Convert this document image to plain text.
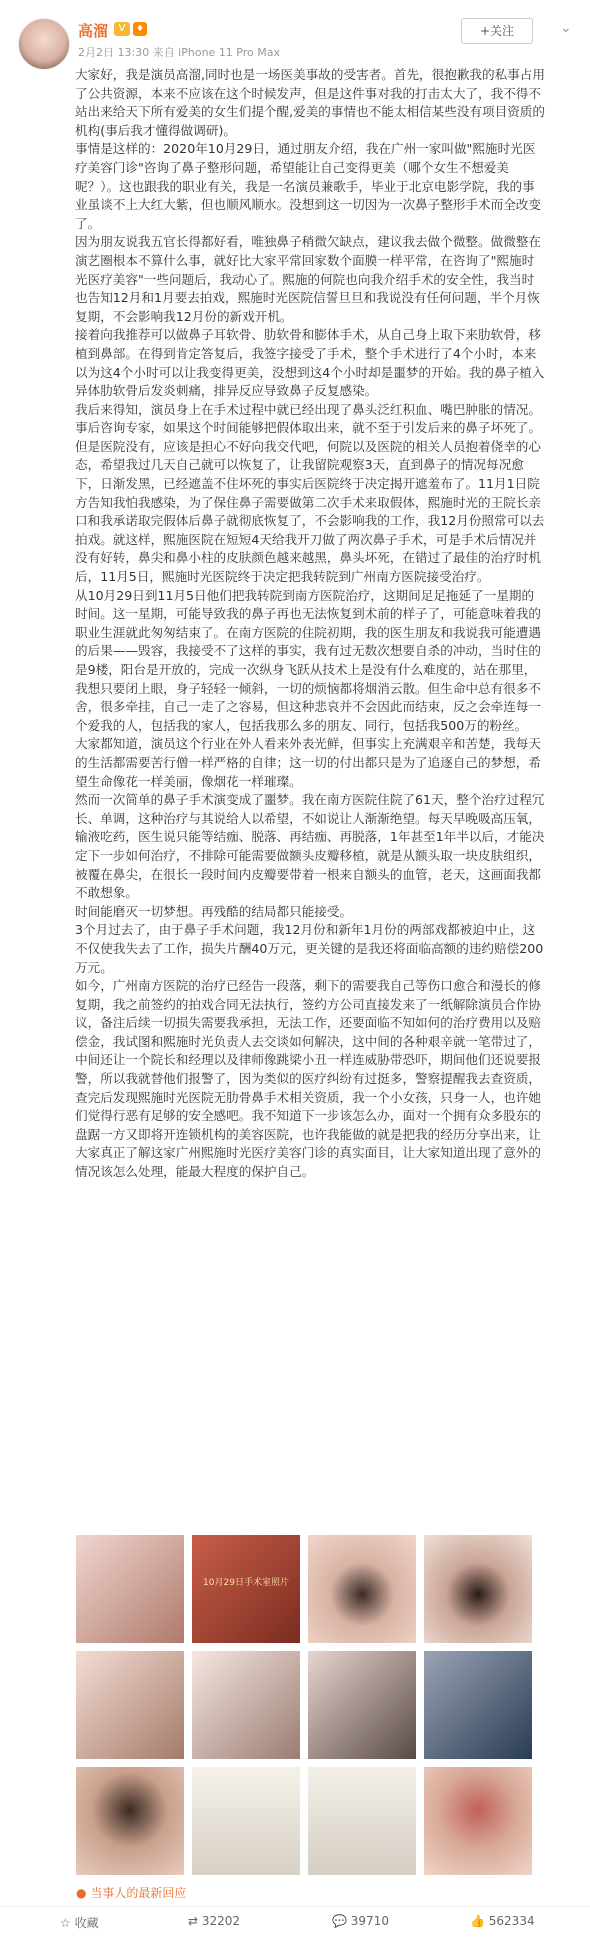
高溜	V	♦
2月2日 13:30 来自 iPhone 11 Pro Max
+关注	⌄

大家好，我是演员高溜,同时也是一场医美事故的受害者。首先，很抱歉我的私事占用了公共资源，本来不应该在这个时候发声，但是这件事对我的打击太大了，我不得不站出来给天下所有爱美的女生们提个醒,爱美的事情也不能太相信某些没有项目资质的机构(事后我才懂得做调研)。

事情是这样的：2020年10月29日，通过朋友介绍，我在广州一家叫做"熙施时光医疗美容门诊"咨询了鼻子整形问题，希望能让自己变得更美（哪个女生不想爱美呢？）。这也跟我的职业有关，我是一名演员兼歌手，毕业于北京电影学院，我的事业虽谈不上大红大紫，但也顺风顺水。没想到这一切因为一次鼻子整形手术而全改变了。

因为朋友说我五官长得都好看，唯独鼻子稍微欠缺点，建议我去做个微整。做微整在演艺圈根本不算什么事，就好比大家平常回家数个面膜一样平常，在咨询了"熙施时光医疗美容"一些问题后，我动心了。熙施的何院也向我介绍手术的安全性，我当时也告知12月和1月要去拍戏，熙施时光医院信誓旦旦和我说没有任何问题，半个月恢复期，不会影响我12月份的新戏开机。

接着向我推荐可以做鼻子耳软骨、肋软骨和膨体手术，从自己身上取下来肋软骨，移植到鼻部。在得到肯定答复后，我签字接受了手术，整个手术进行了4个小时，本来以为这4个小时可以让我变得更美，没想到这4个小时却是噩梦的开始。我的鼻子植入异体肋软骨后发炎刺痛，排异反应导致鼻子反复感染。

我后来得知，演员身上在手术过程中就已经出现了鼻头泛红积血、嘴巴肿胀的情况。事后咨询专家，如果这个时间能够把假体取出来，就不至于引发后来的鼻子坏死了。但是医院没有，应该是担心不好向我交代吧，何院以及医院的相关人员抱着侥幸的心态，希望我过几天自己就可以恢复了，让我留院观察3天，直到鼻子的情况每况愈下，日渐发黑，已经遮盖不住坏死的事实后医院终于决定揭开遮羞布了。11月1日院方告知我怕我感染，为了保住鼻子需要做第二次手术来取假体，熙施时光的王院长亲口和我承诺取完假体后鼻子就彻底恢复了，不会影响我的工作，我12月份照常可以去拍戏。就这样，熙施医院在短短4天给我开刀做了两次鼻子手术，可是手术后情况并没有好转，鼻尖和鼻小柱的皮肤颜色越来越黑，鼻头坏死，在错过了最佳的治疗时机后，11月5日，熙施时光医院终于决定把我转院到广州南方医院接受治疗。

从10月29日到11月5日他们把我转院到南方医院治疗，这期间足足拖延了一星期的时间。这一星期，可能导致我的鼻子再也无法恢复到术前的样子了，可能意味着我的职业生涯就此匆匆结束了。在南方医院的住院初期，我的医生朋友和我说我可能遭遇的后果——毁容，我接受不了这样的事实，我有过无数次想要自杀的冲动，当时住的是9楼，阳台是开放的，完成一次纵身飞跃从技术上是没有什么难度的，站在那里，我想只要闭上眼，身子轻轻一倾斜，一切的烦恼都将烟消云散。但生命中总有很多不舍，很多牵挂，自己一走了之容易，但这种悲哀并不会因此而结束，反之会牵连每一个爱我的人，包括我的家人，包括我那么多的朋友、同行，包括我500万的粉丝。

大家都知道，演员这个行业在外人看来外表光鲜，但事实上充满艰辛和苦楚，我每天的生活都需要苦行僧一样严格的自律；这一切的付出都只是为了追逐自己的梦想，希望生命像花一样美丽，像烟花一样璀璨。

然而一次简单的鼻子手术演变成了噩梦。我在南方医院住院了61天，整个治疗过程冗长、单调，这种治疗与其说给人以希望，不如说让人渐渐绝望。每天早晚吸高压氧，输液吃药，医生说只能等结痂、脱落、再结痂、再脱落，1年甚至1年半以后，才能决定下一步如何治疗，不排除可能需要做额头皮瓣移植，就是从额头取一块皮肤组织，被覆在鼻尖，在很长一段时间内皮瓣要带着一根来自额头的血管，老天，这画面我都不敢想象。

时间能磨灭一切梦想。再残酷的结局都只能接受。

3个月过去了，由于鼻子手术问题，我12月份和新年1月份的两部戏都被迫中止，这不仅使我失去了工作，损失片酬40万元，更关键的是我还将面临高额的违约赔偿200万元。

如今，广州南方医院的治疗已经告一段落，剩下的需要我自己等伤口愈合和漫长的修复期，我之前签约的拍戏合同无法执行，签约方公司直接发来了一纸解除演员合作协议，备注后续一切损失需要我承担，无法工作，还要面临不知如何的治疗费用以及赔偿金，我试图和熙施时光负责人去交谈如何解决，这中间的各种艰辛就一笔带过了，中间还让一个院长和经理以及律师像跳梁小丑一样连威胁带恐吓，期间他们还说要报警，所以我就替他们报警了，因为类似的医疗纠纷有过挺多，警察提醒我去查资质，查完后发现熙施时光医院无肋骨鼻手术相关资质，我一个小女孩，只身一人，也许她们觉得行恶有足够的安全感吧。我不知道下一步该怎么办，面对一个拥有众多股东的盘踞一方又即将开连锁机构的美容医院，也许我能做的就是把我的经历分享出来，让大家真正了解这家广州熙施时光医疗美容门诊的真实面目，让大家知道出现了意外的情况该怎么处理，能最大程度的保护自己。

10月29日手术室照片
● 当事人的最新回应
☆ 收藏	⇄ 32202	💬 39710	👍 562334
